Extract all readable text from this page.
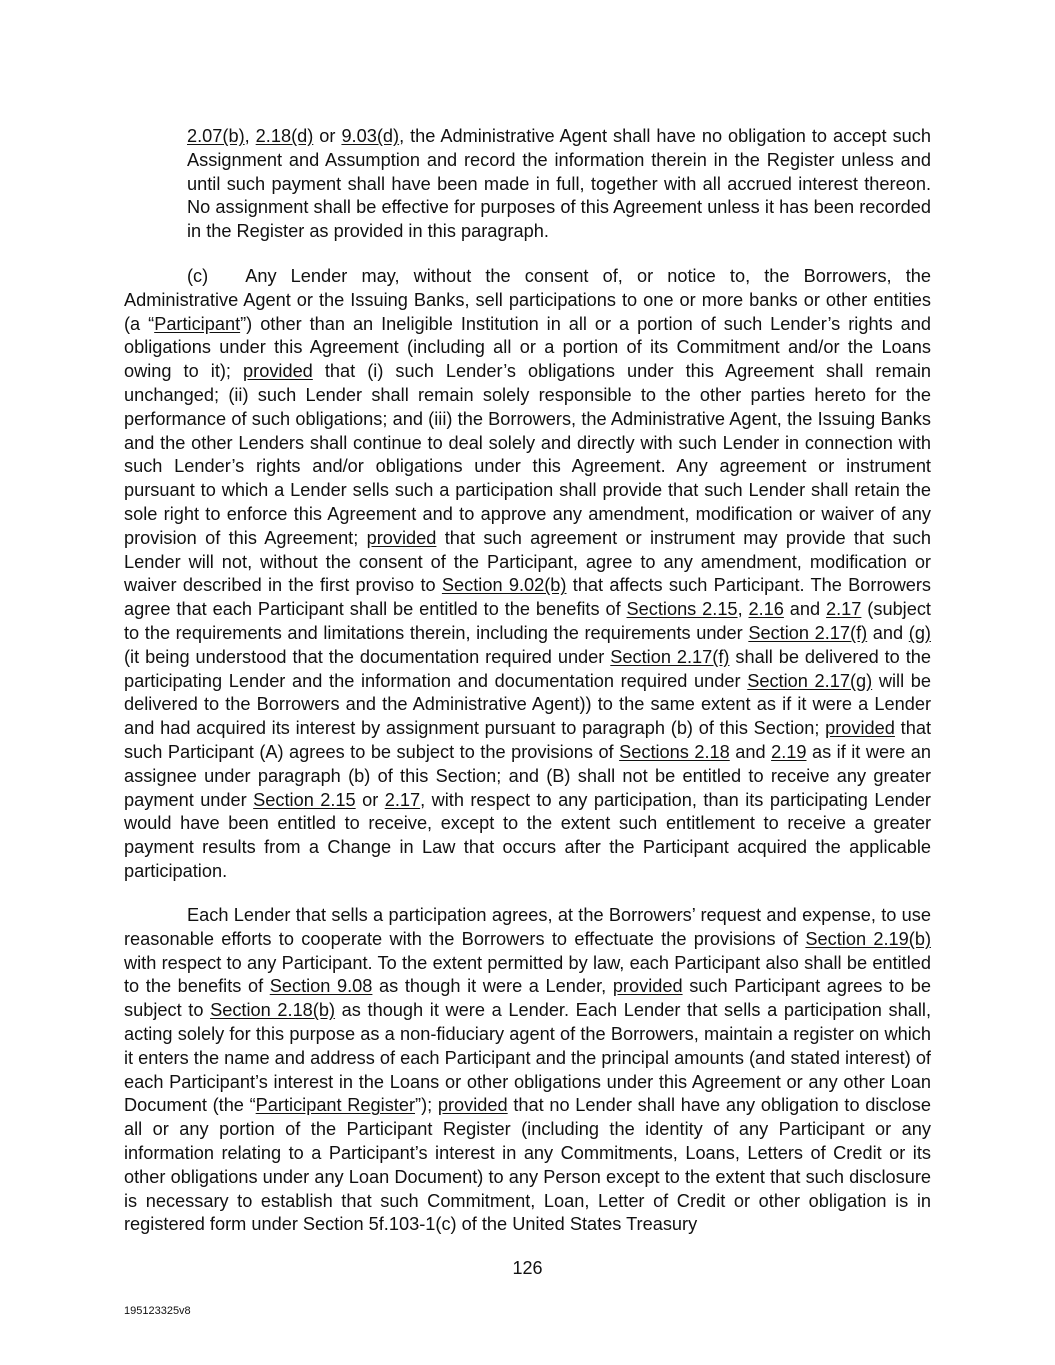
2.07(b), 2.18(d) or 9.03(d), the Administrative Agent shall have no obligation to accept such Assignment and Assumption and record the information therein in the Register unless and until such payment shall have been made in full, together with all accrued interest thereon. No assignment shall be effective for purposes of this Agreement unless it has been recorded in the Register as provided in this paragraph.

(c) Any Lender may, without the consent of, or notice to, the Borrowers, the Administrative Agent or the Issuing Banks, sell participations to one or more banks or other entities (a “Participant”) other than an Ineligible Institution in all or a portion of such Lender’s rights and obligations under this Agreement (including all or a portion of its Commitment and/or the Loans owing to it); provided that (i) such Lender’s obligations under this Agreement shall remain unchanged; (ii) such Lender shall remain solely responsible to the other parties hereto for the performance of such obligations; and (iii) the Borrowers, the Administrative Agent, the Issuing Banks and the other Lenders shall continue to deal solely and directly with such Lender in connection with such Lender’s rights and/or obligations under this Agreement. Any agreement or instrument pursuant to which a Lender sells such a participation shall provide that such Lender shall retain the sole right to enforce this Agreement and to approve any amendment, modification or waiver of any provision of this Agreement; provided that such agreement or instrument may provide that such Lender will not, without the consent of the Participant, agree to any amendment, modification or waiver described in the first proviso to Section 9.02(b) that affects such Participant. The Borrowers agree that each Participant shall be entitled to the benefits of Sections 2.15, 2.16 and 2.17 (subject to the requirements and limitations therein, including the requirements under Section 2.17(f) and (g) (it being understood that the documentation required under Section 2.17(f) shall be delivered to the participating Lender and the information and documentation required under Section 2.17(g) will be delivered to the Borrowers and the Administrative Agent)) to the same extent as if it were a Lender and had acquired its interest by assignment pursuant to paragraph (b) of this Section; provided that such Participant (A) agrees to be subject to the provisions of Sections 2.18 and 2.19 as if it were an assignee under paragraph (b) of this Section; and (B) shall not be entitled to receive any greater payment under Section 2.15 or 2.17, with respect to any participation, than its participating Lender would have been entitled to receive, except to the extent such entitlement to receive a greater payment results from a Change in Law that occurs after the Participant acquired the applicable participation.

Each Lender that sells a participation agrees, at the Borrowers’ request and expense, to use reasonable efforts to cooperate with the Borrowers to effectuate the provisions of Section 2.19(b) with respect to any Participant. To the extent permitted by law, each Participant also shall be entitled to the benefits of Section 9.08 as though it were a Lender, provided such Participant agrees to be subject to Section 2.18(b) as though it were a Lender. Each Lender that sells a participation shall, acting solely for this purpose as a non-fiduciary agent of the Borrowers, maintain a register on which it enters the name and address of each Participant and the principal amounts (and stated interest) of each Participant’s interest in the Loans or other obligations under this Agreement or any other Loan Document (the “Participant Register”); provided that no Lender shall have any obligation to disclose all or any portion of the Participant Register (including the identity of any Participant or any information relating to a Participant’s interest in any Commitments, Loans, Letters of Credit or its other obligations under any Loan Document) to any Person except to the extent that such disclosure is necessary to establish that such Commitment, Loan, Letter of Credit or other obligation is in registered form under Section 5f.103-1(c) of the United States Treasury

126
195123325v8
